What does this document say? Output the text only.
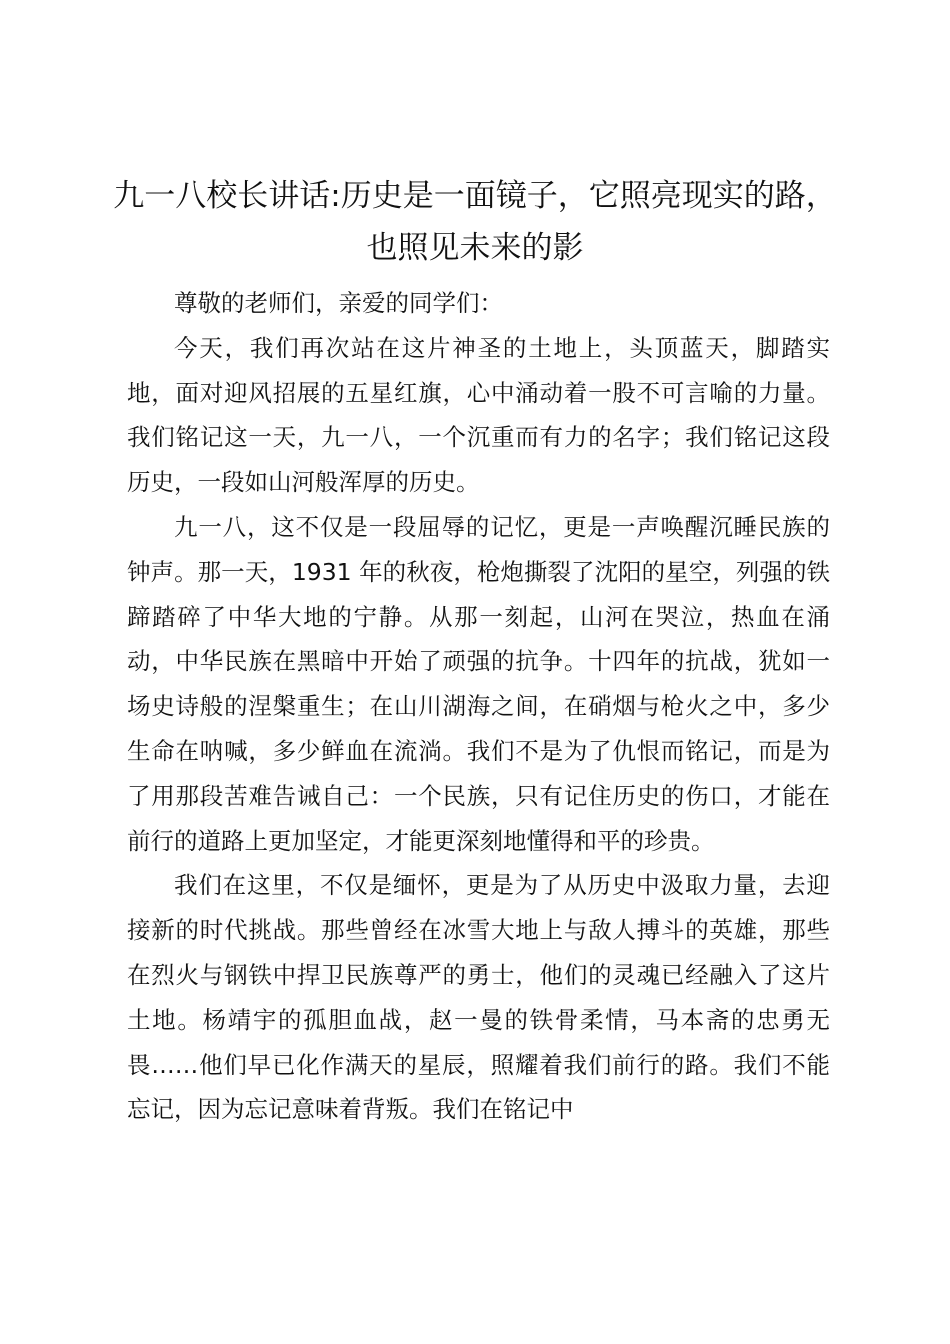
九一八校长讲话:历史是一面镜子，它照亮现实的路，也照见未来的影

尊敬的老师们，亲爱的同学们：

今天，我们再次站在这片神圣的土地上，头顶蓝天，脚踏实地，面对迎风招展的五星红旗，心中涌动着一股不可言喻的力量。我们铭记这一天，九一八，一个沉重而有力的名字；我们铭记这段历史，一段如山河般浑厚的历史。

九一八，这不仅是一段屈辱的记忆，更是一声唤醒沉睡民族的钟声。那一天，1931 年的秋夜，枪炮撕裂了沈阳的星空，列强的铁蹄踏碎了中华大地的宁静。从那一刻起，山河在哭泣，热血在涌动，中华民族在黑暗中开始了顽强的抗争。十四年的抗战，犹如一场史诗般的涅槃重生；在山川湖海之间，在硝烟与枪火之中，多少生命在呐喊，多少鲜血在流淌。我们不是为了仇恨而铭记，而是为了用那段苦难告诫自己：一个民族，只有记住历史的伤口，才能在前行的道路上更加坚定，才能更深刻地懂得和平的珍贵。

我们在这里，不仅是缅怀，更是为了从历史中汲取力量，去迎接新的时代挑战。那些曾经在冰雪大地上与敌人搏斗的英雄，那些在烈火与钢铁中捍卫民族尊严的勇士，他们的灵魂已经融入了这片土地。杨靖宇的孤胆血战，赵一曼的铁骨柔情，马本斋的忠勇无畏……他们早已化作满天的星辰，照耀着我们前行的路。我们不能忘记，因为忘记意味着背叛。我们在铭记中
